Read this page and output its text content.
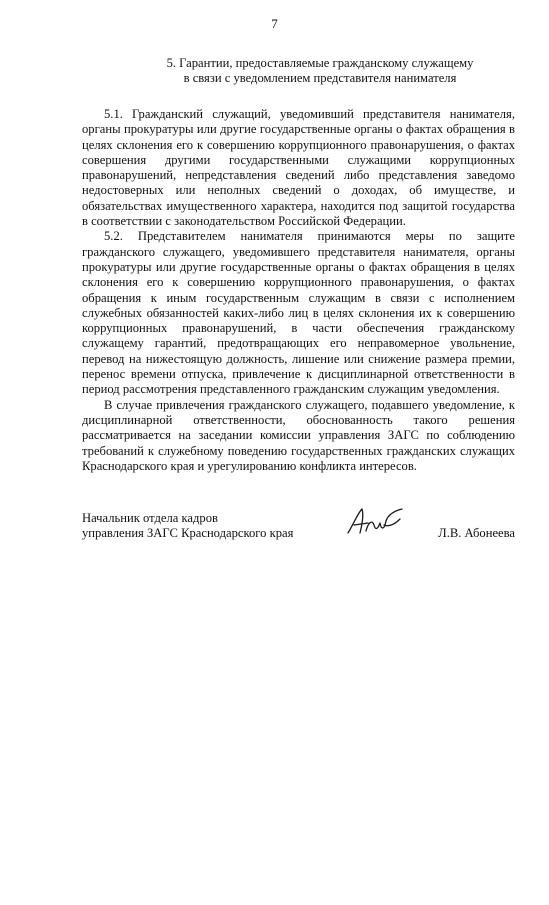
7
5. Гарантии, предоставляемые гражданскому служащему
в связи с уведомлением представителя нанимателя

5.1. Гражданский служащий, уведомивший представителя нанимателя, органы прокуратуры или другие государственные органы о фактах обращения в целях склонения его к совершению коррупционного правонарушения, о фактах совершения другими государственными служащими коррупционных правонарушений, непредставления сведений либо представления заведомо недостоверных или неполных сведений о доходах, об имуществе, и обязательствах имущественного характера, находится под защитой государства в соответствии с законодательством Российской Федерации.

5.2. Представителем нанимателя принимаются меры по защите гражданского служащего, уведомившего представителя нанимателя, органы прокуратуры или другие государственные органы о фактах обращения в целях склонения его к совершению коррупционного правонарушения, о фактах обращения к иным государственным служащим в связи с исполнением служебных обязанностей каких-либо лиц в целях склонения их к совершению коррупционных правонарушений, в части обеспечения гражданскому служащему гарантий, предотвращающих его неправомерное увольнение, перевод на нижестоящую должность, лишение или снижение размера премии, перенос времени отпуска, привлечение к дисциплинарной ответственности в период рассмотрения представленного гражданским служащим уведомления.

В случае привлечения гражданского служащего, подавшего уведомление, к дисциплинарной ответственности, обоснованность такого решения рассматривается на заседании комиссии управления ЗАГС по соблюдению требований к служебному поведению государственных гражданских служащих Краснодарского края и урегулированию конфликта интересов.

Начальник отдела кадров
управления ЗАГС Краснодарского края	Л.В. Абонеева
